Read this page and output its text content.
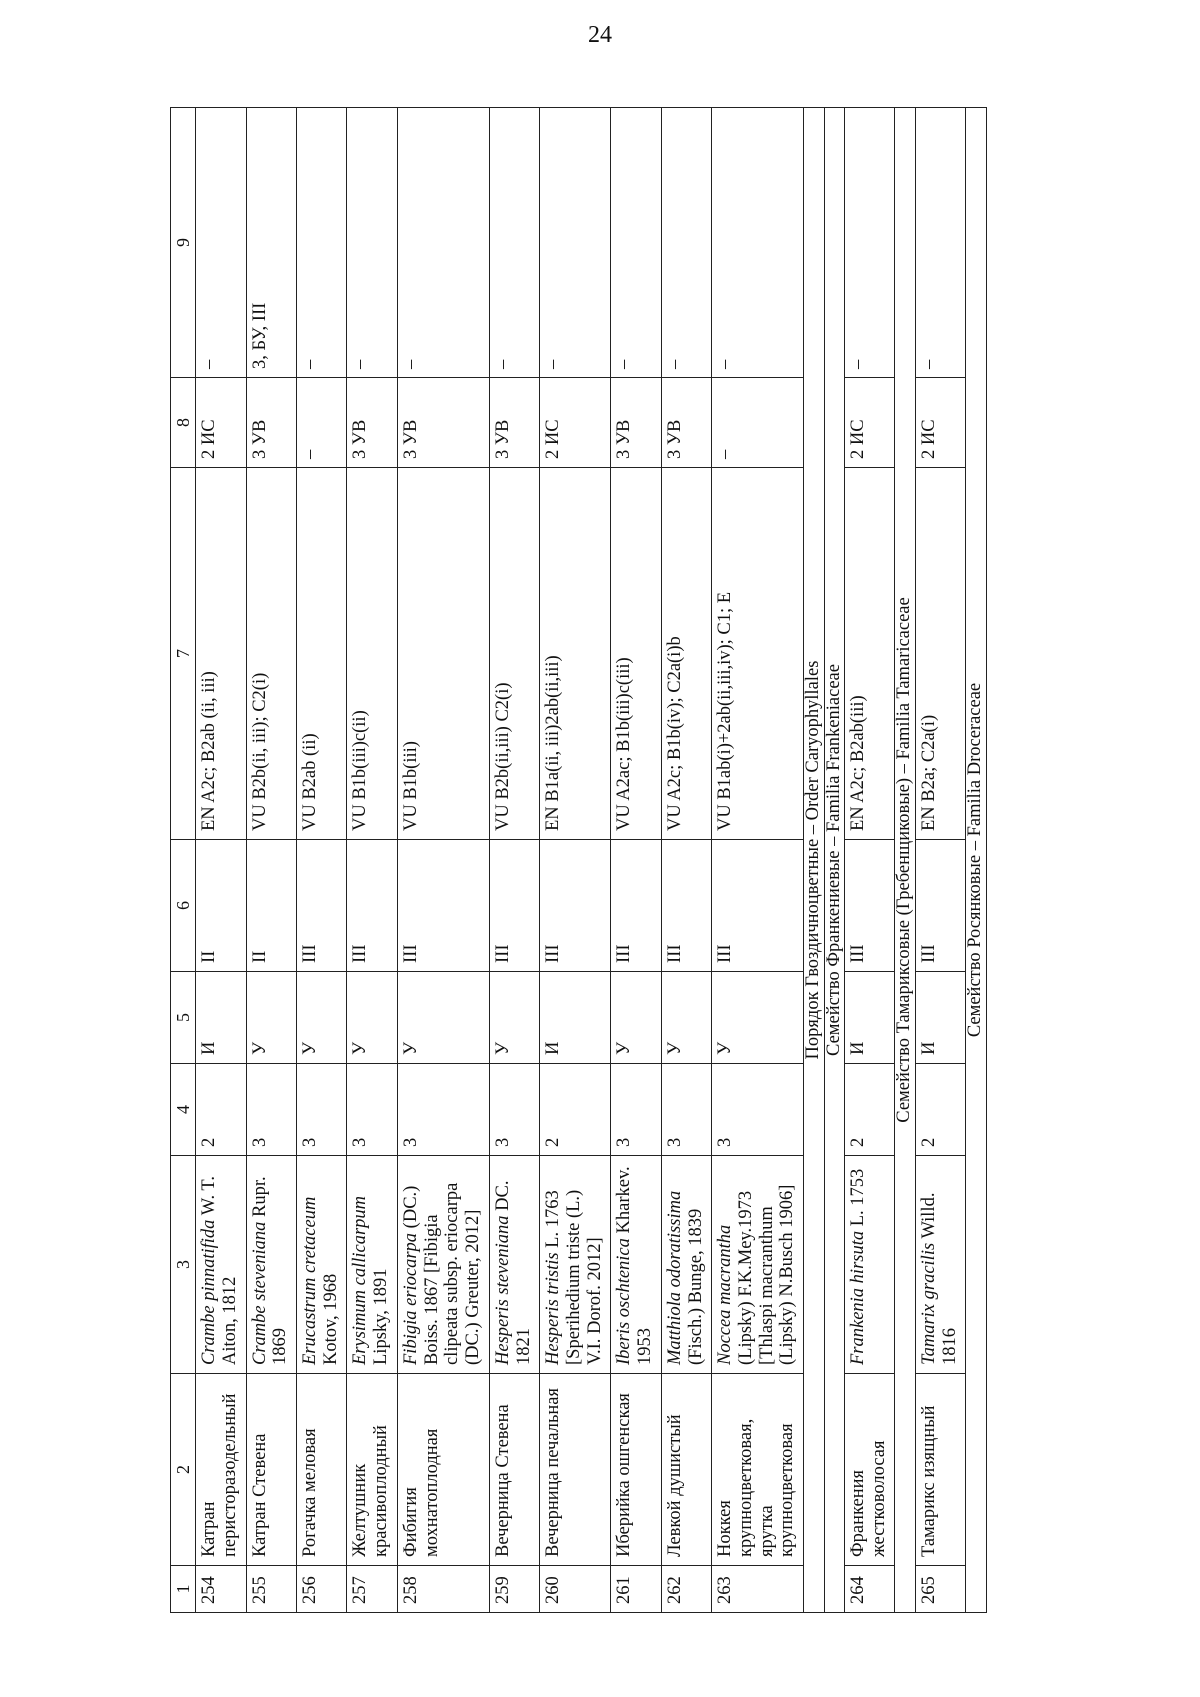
24
1	2	3	4	5	6	7	8	9
254	Катран перисторазодельный	Crambe pinnatifida W. T. Aiton, 1812	2	И	II	EN A2c; B2ab (ii, iii)	2 ИС	–
255	Катран Стевена	Crambe steveniana Rupr. 1869	3	У	II	VU B2b(ii, iii); C2(i)	3 УВ	3, БУ, III
256	Рогачка меловая	Erucastrum cretaceum Kotov, 1968	3	У	III	VU B2ab (ii)	–	–
257	Желтушник красивоплодный	Erysimum callicarpum Lipsky, 1891	3	У	III	VU B1b(iii)c(ii)	3 УВ	–
258	Фибигия мохнатоплодная	Fibigia eriocarpa (DC.) Boiss. 1867 [Fibigia clipeata subsp. eriocarpa (DC.) Greuter, 2012]	3	У	III	VU B1b(iii)	3 УВ	–
259	Вечерница Стевена	Hesperis steveniana DC. 1821	3	У	III	VU B2b(ii,iii) C2(i)	3 УВ	–
260	Вечерница печальная	Hesperis tristis L. 1763 [Sperihedium triste (L.) V.I. Dorof. 2012]	2	И	III	EN B1a(ii, iii)2ab(ii,iii)	2 ИС	–
261	Иберийка ошгенская	Iberis oschtenica Kharkev. 1953	3	У	III	VU A2ac; B1b(iii)c(iii)	3 УВ	–
262	Левкой душистый	Matthiola odoratissima (Fisch.) Bunge, 1839	3	У	III	VU A2c; B1b(iv); C2a(i)b	3 УВ	–
263	Ноккея крупноцветковая, ярутка крупноцветковая	Noccea macrantha (Lipsky) F.K.Mey.1973 [Thlaspi macranthum (Lipsky) N.Busch 1906]	3	У	III	VU B1ab(i)+2ab(ii,iii,iv); C1; E	–	–
Порядок Гвоздичноцветные – Order Caryophyllales								
Семейство Франкениевые – Familia Frankeniaceae								
264	Франкения жестковолосая	Frankenia hirsuta L. 1753	2	И	III	EN A2c; B2ab(iii)	2 ИС	–
Семейство Тамариксовые (Гребенщиковые) – Familia Tamaricaceae								
265	Тамарикс изящный	Tamarix gracilis Willd. 1816	2	И	III	EN B2a; C2a(i)	2 ИС	–
Семейство Росянковые – Familia Droceraceae								
